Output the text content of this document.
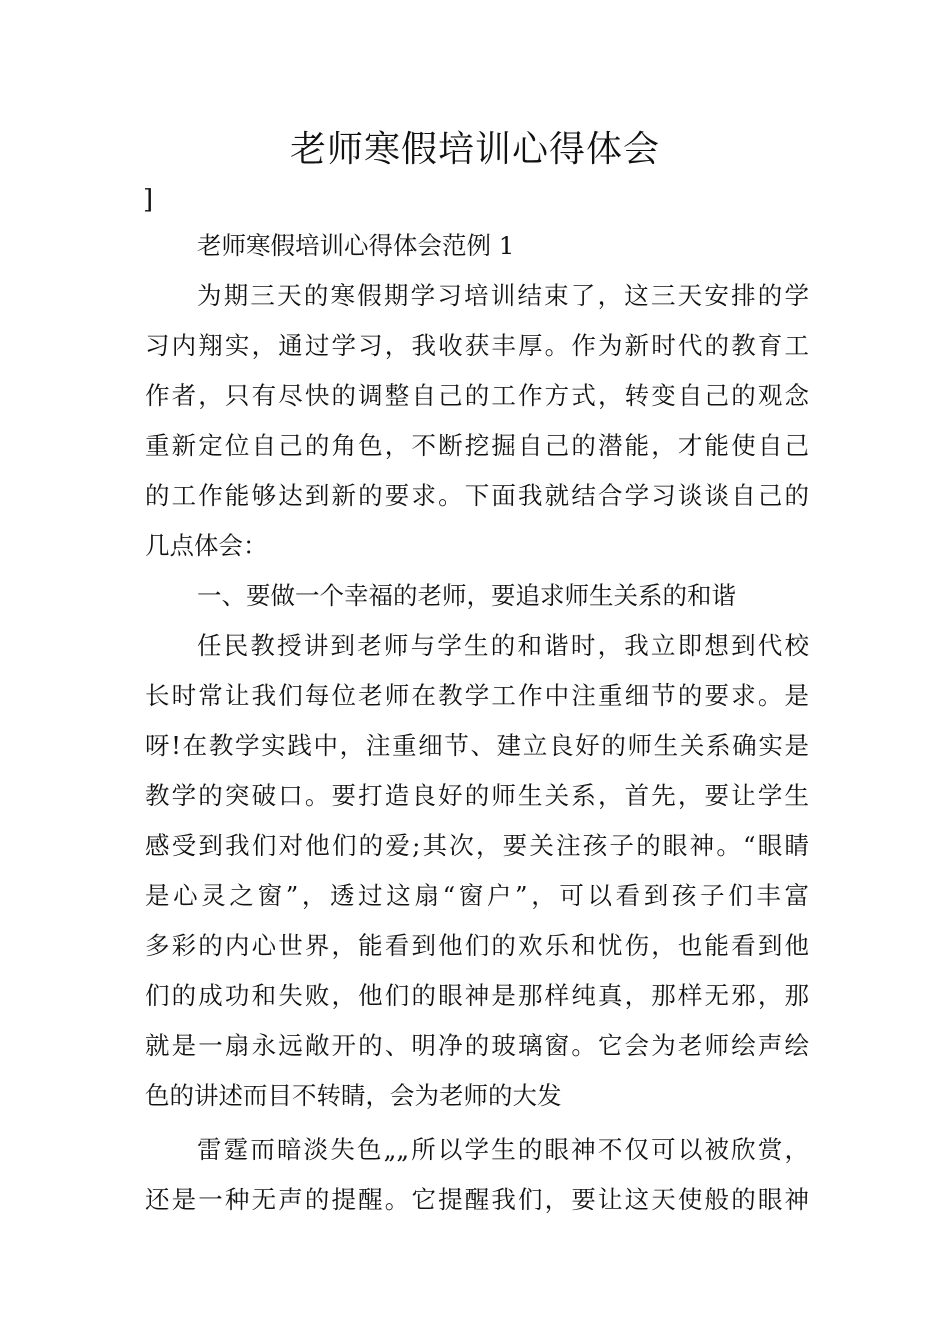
老师寒假培训心得体会
]
老师寒假培训心得体会范例 1
为期三天的寒假期学习培训结束了，这三天安排的学
习内翔实，通过学习，我收获丰厚。作为新时代的教育工
作者，只有尽快的调整自己的工作方式，转变自己的观念
重新定位自己的角色，不断挖掘自己的潜能，才能使自己
的工作能够达到新的要求。下面我就结合学习谈谈自己的
几点体会：
一、要做一个幸福的老师，要追求师生关系的和谐
任民教授讲到老师与学生的和谐时，我立即想到代校
长时常让我们每位老师在教学工作中注重细节的要求。是
呀!在教学实践中，注重细节、建立良好的师生关系确实是
教学的突破口。要打造良好的师生关系，首先，要让学生
感受到我们对他们的爱;其次，要关注孩子的眼神。“眼睛
是心灵之窗”，透过这扇“窗户”，可以看到孩子们丰富
多彩的内心世界，能看到他们的欢乐和忧伤，也能看到他
们的成功和失败，他们的眼神是那样纯真，那样无邪，那
就是一扇永远敞开的、明净的玻璃窗。它会为老师绘声绘
色的讲述而目不转睛，会为老师的大发
雷霆而暗淡失色„„所以学生的眼神不仅可以被欣赏，
还是一种无声的提醒。它提醒我们，要让这天使般的眼神
